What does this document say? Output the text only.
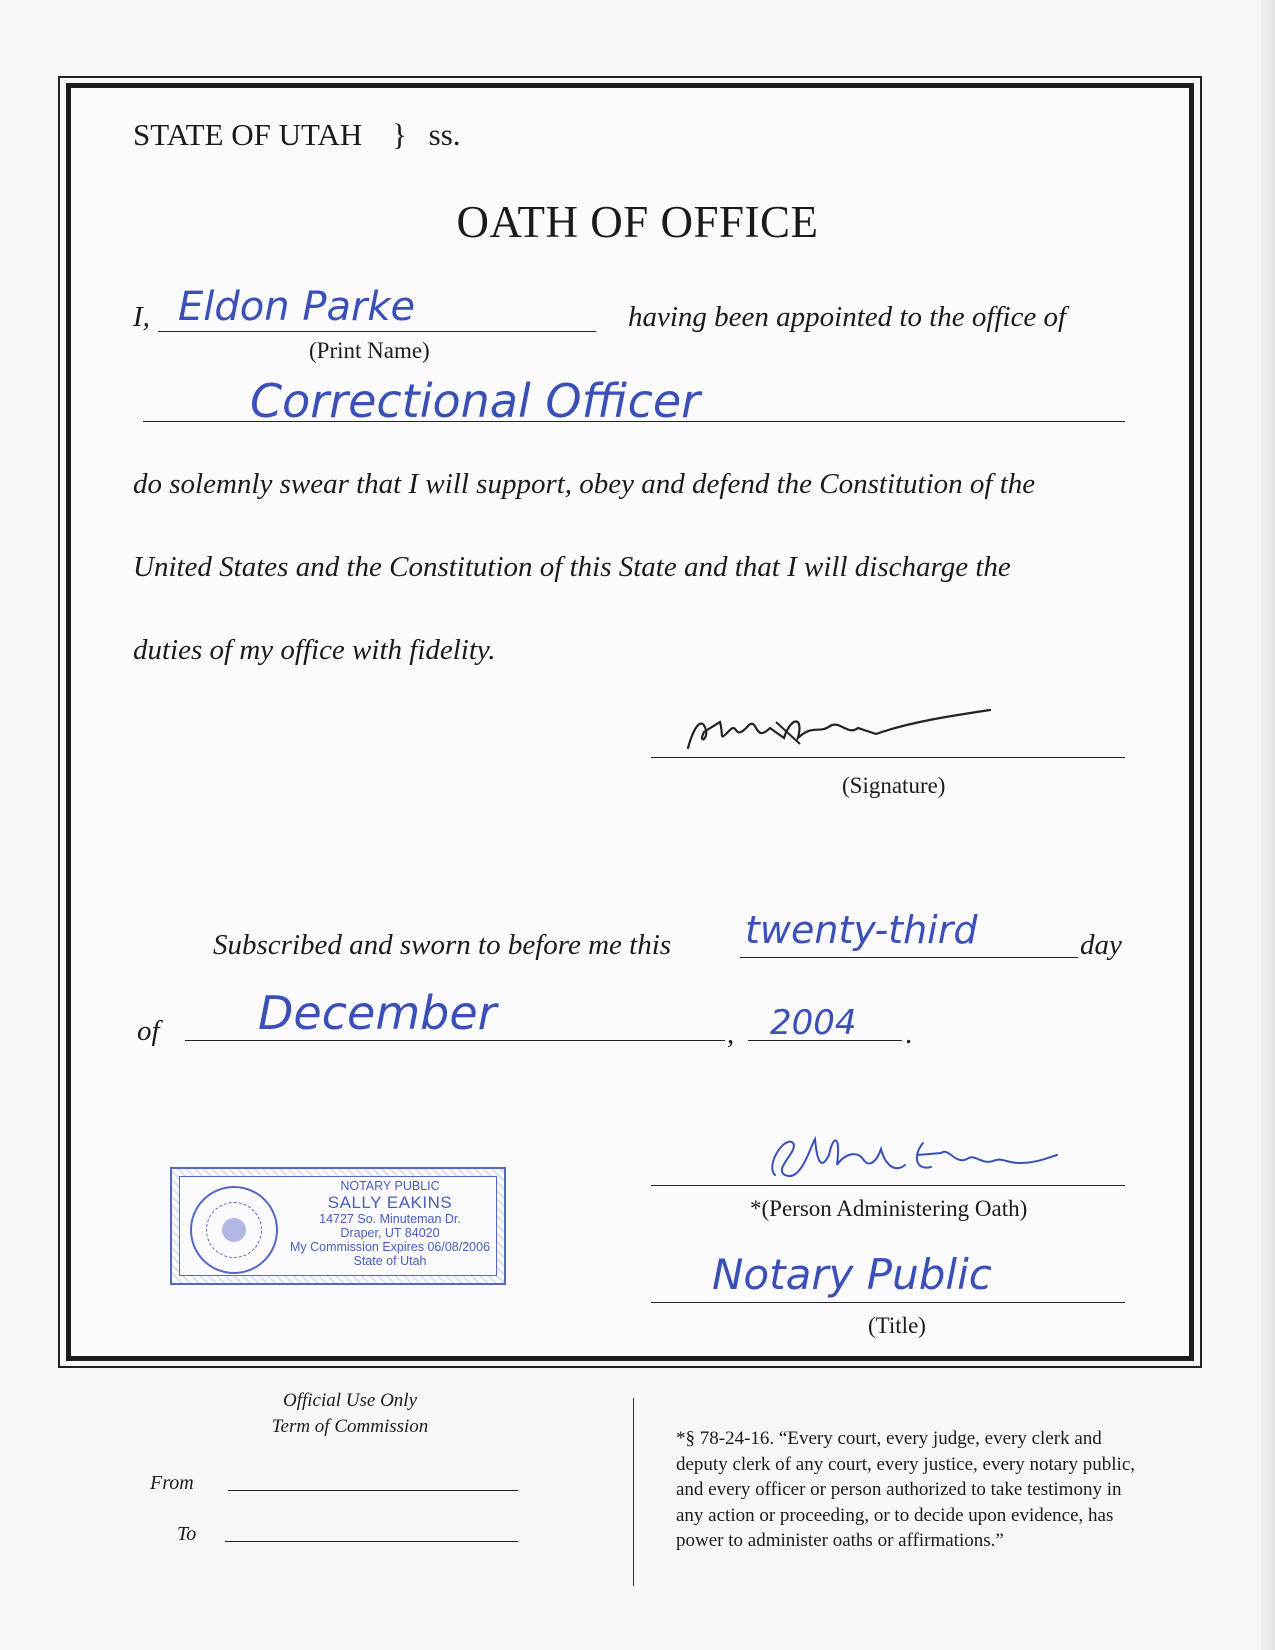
STATE OF UTAH } ss.
OATH OF OFFICE
I, Eldon Parke
(Print Name)
having been appointed to the office of
Correctional Officer
do solemnly swear that I will support, obey and defend the Constitution of the
United States and the Constitution of this State and that I will discharge the
duties of my office with fidelity.
(Signature)
Subscribed and sworn to before me this twenty-third	day
of December	, 2004 .
NOTARY PUBLIC
SALLY EAKINS
14727 So. Minuteman Dr.
Draper, UT 84020
My Commission Expires 06/08/2006
State of Utah
*(Person Administering Oath)
Notary Public
(Title)
Official Use Only
Term of Commission
From
To
*§ 78-24-16. “Every court, every judge, every clerk and
deputy clerk of any court, every justice, every notary public,
and every officer or person authorized to take testimony in
any action or proceeding, or to decide upon evidence, has
power to administer oaths or affirmations.”
